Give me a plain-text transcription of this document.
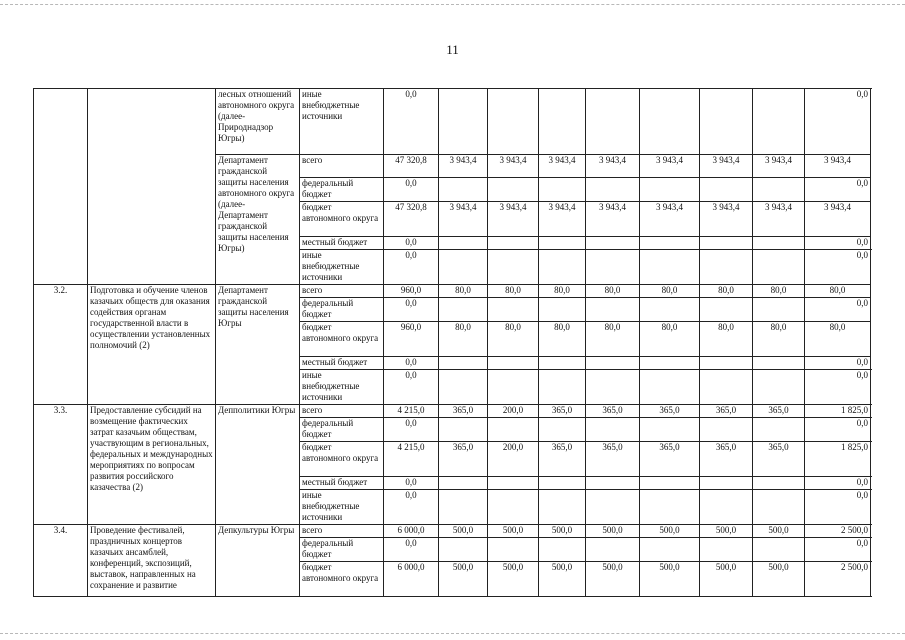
11
		лесных отношений автономного округа (далее- Природнадзор Югры)	иные внебюджетные источники	0,0								0,0	
		Департамент гражданской защиты населения автономного округа (далее- Департамент гражданской защиты населения Югры)	всего	47 320,8	3 943,4	3 943,4	3 943,4	3 943,4	3 943,4	3 943,4	3 943,4	3 943,4	
			федеральный бюджет	0,0								0,0	
			бюджет автономного округа	47 320,8	3 943,4	3 943,4	3 943,4	3 943,4	3 943,4	3 943,4	3 943,4	3 943,4	
			местный бюджет	0,0								0,0	
			иные внебюджетные источники	0,0								0,0	
3.2.	Подготовка и обучение членов казачьих обществ для оказания содействия органам государственной власти в осуществлении установленных полномочий (2)	Департамент гражданской защиты населения Югры	всего	960,0	80,0	80,0	80,0	80,0	80,0	80,0	80,0	80,0	
			федеральный бюджет	0,0								0,0	
			бюджет автономного округа	960,0	80,0	80,0	80,0	80,0	80,0	80,0	80,0	80,0	
			местный бюджет	0,0								0,0	
			иные внебюджетные источники	0,0								0,0	
3.3.	Предоставление субсидий на возмещение фактических затрат казачьим обществам, участвующим в региональных, федеральных и международных мероприятиях по вопросам развития российского казачества (2)	Депполитики Югры	всего	4 215,0	365,0	200,0	365,0	365,0	365,0	365,0	365,0	1 825,0	
			федеральный бюджет	0,0								0,0	
			бюджет автономного округа	4 215,0	365,0	200,0	365,0	365,0	365,0	365,0	365,0	1 825,0	
			местный бюджет	0,0								0,0	
			иные внебюджетные источники	0,0								0,0	
3.4.	Проведение фестивалей, праздничных концертов казачьих ансамблей, конференций, экспозиций, выставок, направленных на сохранение и развитие	Депкультуры Югры	всего	6 000,0	500,0	500,0	500,0	500,0	500,0	500,0	500,0	2 500,0	
			федеральный бюджет	0,0								0,0	
			бюджет автономного округа	6 000,0	500,0	500,0	500,0	500,0	500,0	500,0	500,0	2 500,0	
